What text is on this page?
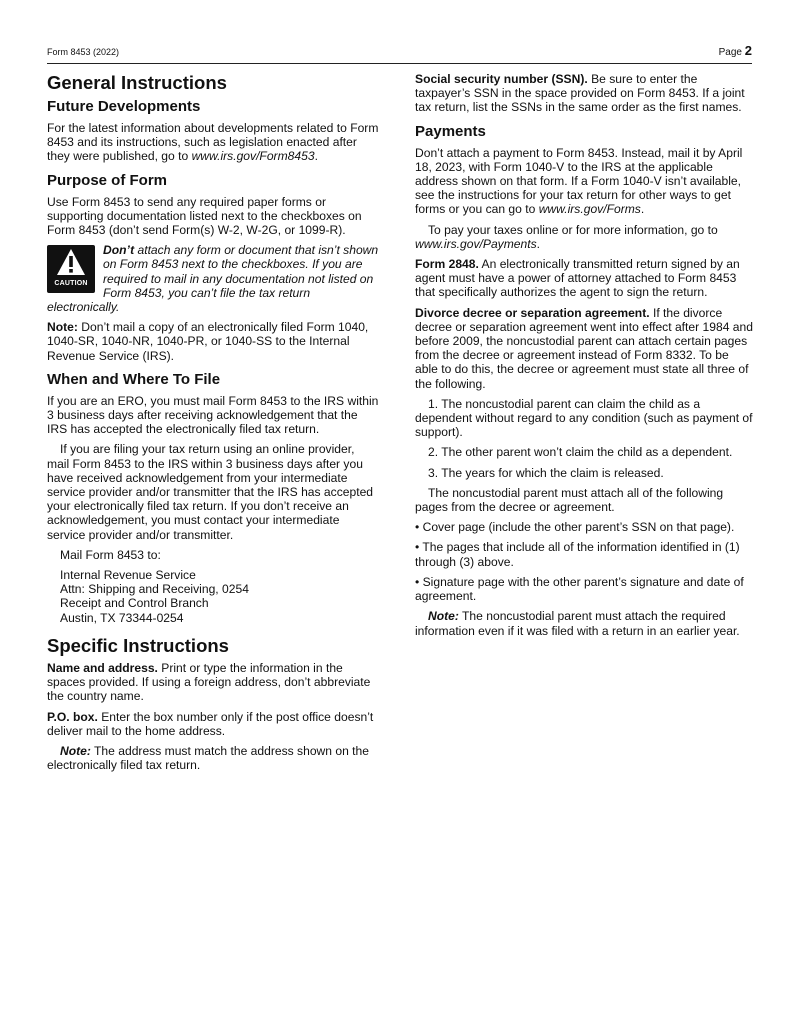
Form 8453 (2022)	Page 2
General Instructions
Future Developments

For the latest information about developments related to Form 8453 and its instructions, such as legislation enacted after they were published, go to www.irs.gov/Form8453.

Purpose of Form

Use Form 8453 to send any required paper forms or supporting documentation listed next to the checkboxes on Form 8453 (don’t send Form(s) W-2, W-2G, or 1099-R).

CAUTION
Don’t attach any form or document that isn’t shown on Form 8453 next to the checkboxes. If you are required to mail in any documentation not listed on Form 8453, you can’t file the tax return electronically.

Note: Don’t mail a copy of an electronically filed Form 1040, 1040-SR, 1040-NR, 1040-PR, or 1040-SS to the Internal Revenue Service (IRS).

When and Where To File

If you are an ERO, you must mail Form 8453 to the IRS within 3 business days after receiving acknowledgement that the IRS has accepted the electronically filed tax return.

If you are filing your tax return using an online provider, mail Form 8453 to the IRS within 3 business days after you have received acknowledgement from your intermediate service provider and/or transmitter that the IRS has accepted your electronically filed tax return. If you don’t receive an acknowledgement, you must contact your intermediate service provider and/or transmitter.

Mail Form 8453 to:

Internal Revenue Service
Attn: Shipping and Receiving, 0254
Receipt and Control Branch
Austin, TX 73344-0254
Specific Instructions

Name and address. Print or type the information in the spaces provided. If using a foreign address, don’t abbreviate the country name.

P.O. box. Enter the box number only if the post office doesn’t deliver mail to the home address.

Note: The address must match the address shown on the electronically filed tax return.

Social security number (SSN). Be sure to enter the taxpayer’s SSN in the space provided on Form 8453. If a joint tax return, list the SSNs in the same order as the first names.

Payments

Don’t attach a payment to Form 8453. Instead, mail it by April 18, 2023, with Form 1040-V to the IRS at the applicable address shown on that form. If a Form 1040-V isn’t available, see the instructions for your tax return for other ways to get forms or you can go to www.irs.gov/Forms.

To pay your taxes online or for more information, go to www.irs.gov/Payments.

Form 2848. An electronically transmitted return signed by an agent must have a power of attorney attached to Form 8453 that specifically authorizes the agent to sign the return.

Divorce decree or separation agreement. If the divorce decree or separation agreement went into effect after 1984 and before 2009, the noncustodial parent can attach certain pages from the decree or agreement instead of Form 8332. To be able to do this, the decree or agreement must state all three of the following.

1. The noncustodial parent can claim the child as a dependent without regard to any condition (such as payment of support).

2. The other parent won’t claim the child as a dependent.

3. The years for which the claim is released.

The noncustodial parent must attach all of the following pages from the decree or agreement.

• Cover page (include the other parent’s SSN on that page).

• The pages that include all of the information identified in (1) through (3) above.

• Signature page with the other parent’s signature and date of agreement.

Note: The noncustodial parent must attach the required information even if it was filed with a return in an earlier year.
